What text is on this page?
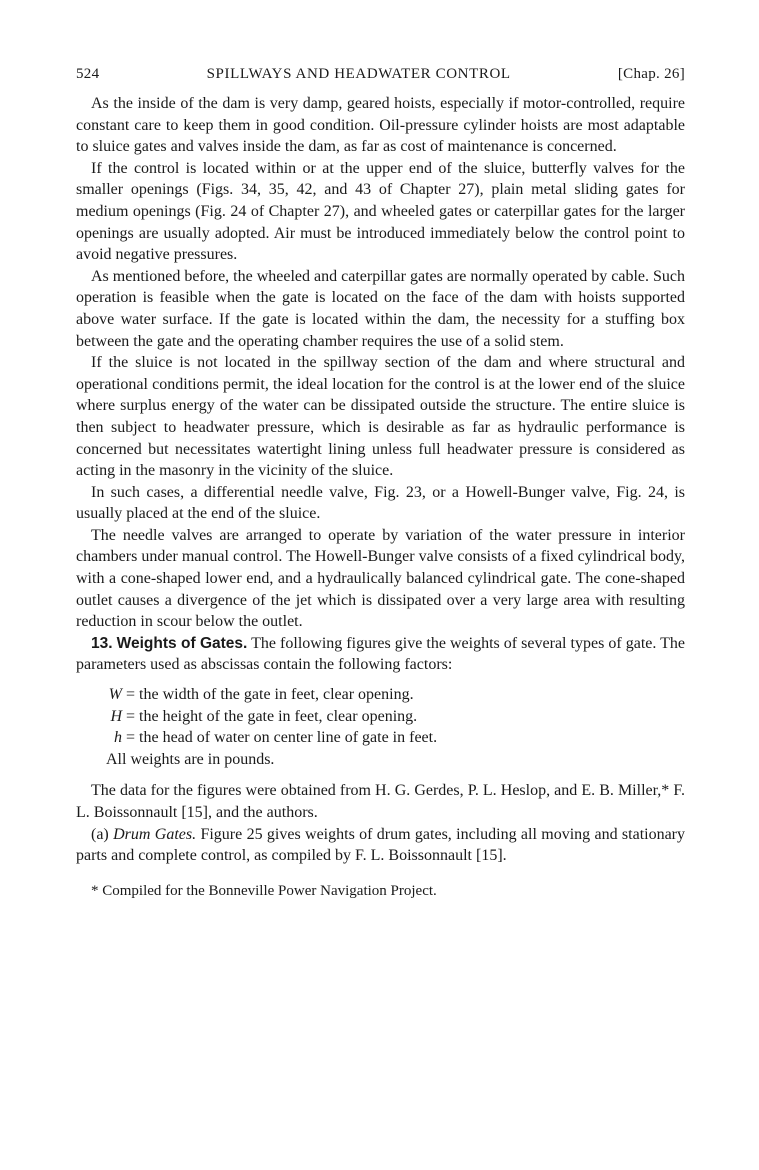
524	SPILLWAYS AND HEADWATER CONTROL	[Chap. 26]

As the inside of the dam is very damp, geared hoists, especially if motor-controlled, require constant care to keep them in good condition. Oil-pressure cylinder hoists are most adaptable to sluice gates and valves inside the dam, as far as cost of maintenance is concerned.

If the control is located within or at the upper end of the sluice, butterfly valves for the smaller openings (Figs. 34, 35, 42, and 43 of Chapter 27), plain metal sliding gates for medium openings (Fig. 24 of Chapter 27), and wheeled gates or caterpillar gates for the larger openings are usually adopted. Air must be introduced immediately below the control point to avoid negative pressures.

As mentioned before, the wheeled and caterpillar gates are normally operated by cable. Such operation is feasible when the gate is located on the face of the dam with hoists supported above water surface. If the gate is located within the dam, the necessity for a stuffing box between the gate and the operating chamber requires the use of a solid stem.

If the sluice is not located in the spillway section of the dam and where structural and operational conditions permit, the ideal location for the control is at the lower end of the sluice where surplus energy of the water can be dissipated outside the structure. The entire sluice is then subject to headwater pressure, which is desirable as far as hydraulic performance is concerned but necessitates watertight lining unless full headwater pressure is considered as acting in the masonry in the vicinity of the sluice.

In such cases, a differential needle valve, Fig. 23, or a Howell-Bunger valve, Fig. 24, is usually placed at the end of the sluice.

The needle valves are arranged to operate by variation of the water pressure in interior chambers under manual control. The Howell-Bunger valve consists of a fixed cylindrical body, with a cone-shaped lower end, and a hydraulically balanced cylindrical gate. The cone-shaped outlet causes a divergence of the jet which is dissipated over a very large area with resulting reduction in scour below the outlet.

13. Weights of Gates. The following figures give the weights of several types of gate. The parameters used as abscissas contain the following factors:

W = the width of the gate in feet, clear opening.
H = the height of the gate in feet, clear opening.
h = the head of water on center line of gate in feet.
All weights are in pounds.

The data for the figures were obtained from H. G. Gerdes, P. L. Heslop, and E. B. Miller,* F. L. Boissonnault [15], and the authors.

(a) Drum Gates. Figure 25 gives weights of drum gates, including all moving and stationary parts and complete control, as compiled by F. L. Boissonnault [15].

* Compiled for the Bonneville Power Navigation Project.
